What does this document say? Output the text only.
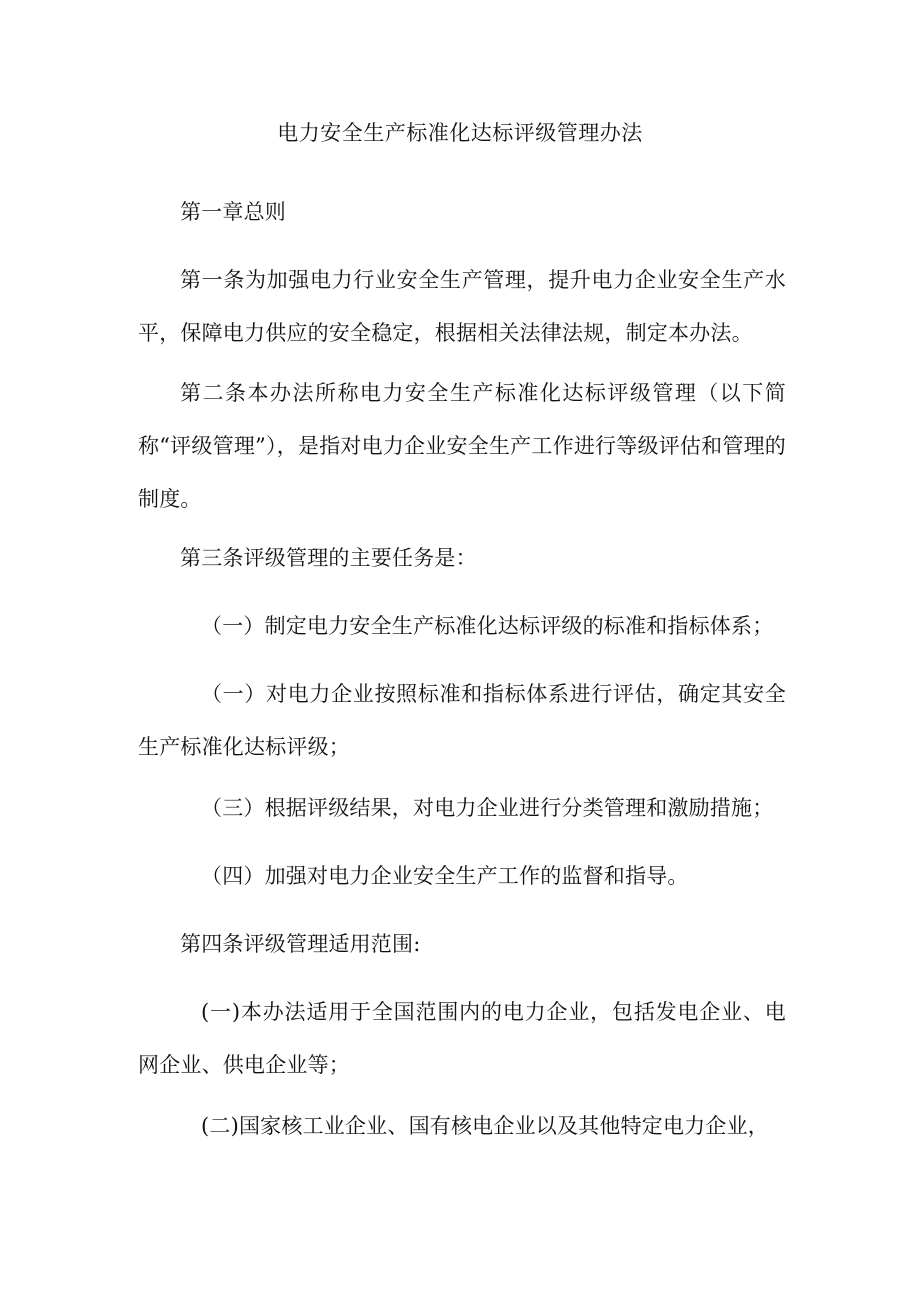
电力安全生产标准化达标评级管理办法

第一章总则

第一条为加强电力行业安全生产管理，提升电力企业安全生产水平，保障电力供应的安全稳定，根据相关法律法规，制定本办法。

第二条本办法所称电力安全生产标准化达标评级管理（以下简称“评级管理”），是指对电力企业安全生产工作进行等级评估和管理的制度。

第三条评级管理的主要任务是：

（一）制定电力安全生产标准化达标评级的标准和指标体系；

（一）对电力企业按照标准和指标体系进行评估，确定其安全生产标准化达标评级；

（三）根据评级结果，对电力企业进行分类管理和激励措施；

（四）加强对电力企业安全生产工作的监督和指导。

第四条评级管理适用范围:

(一)本办法适用于全国范围内的电力企业，包括发电企业、电网企业、供电企业等；

(二)国家核工业企业、国有核电企业以及其他特定电力企业，
